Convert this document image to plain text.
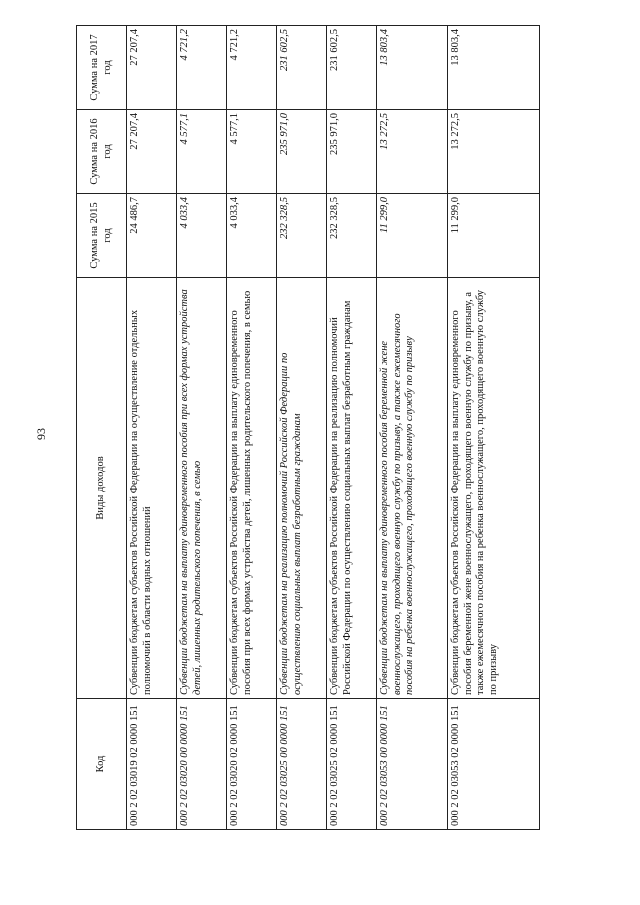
93
Код	Виды доходов	Сумма на 2015 год	Сумма на 2016 год	Сумма на 2017 год
000 2 02 03019 02 0000 151	Субвенции бюджетам субъектов Российской Федерации на осуществление отдельных полномочий в области водных отношений	24 486,7	27 207,4	27 207,4
000 2 02 03020 00 0000 151	Субвенции бюджетам на выплату единовременного пособия при всех формах устройства детей, лишенных родительского попечения, в семью	4 033,4	4 577,1	4 721,2
000 2 02 03020 02 0000 151	Субвенции бюджетам субъектов Российской Федерации на выплату единовременного пособия при всех формах устройства детей, лишенных родительского попечения, в семью	4 033,4	4 577,1	4 721,2
000 2 02 03025 00 0000 151	Субвенции бюджетам на реализацию полномочий Российской Федерации по осуществлению социальных выплат безработным гражданам	232 328,5	235 971,0	231 602,5
000 2 02 03025 02 0000 151	Субвенции бюджетам субъектов Российской Федерации на реализацию полномочий Российской Федерации по осуществлению социальных выплат безработным гражданам	232 328,5	235 971,0	231 602,5
000 2 02 03053 00 0000 151	Субвенции бюджетам на выплату единовременного пособия беременной жене военнослужащего, проходящего военную службу по призыву, а также ежемесячного пособия на ребенка военнослужащего, проходящего военную службу по призыву	11 299,0	13 272,5	13 803,4
000 2 02 03053 02 0000 151	Субвенции бюджетам субъектов Российской Федерации на выплату единовременного пособия беременной жене военнослужащего, проходящего военную службу по призыву, а также ежемесячного пособия на ребенка военнослужащего, проходящего военную службу по призыву	11 299,0	13 272,5	13 803,4
